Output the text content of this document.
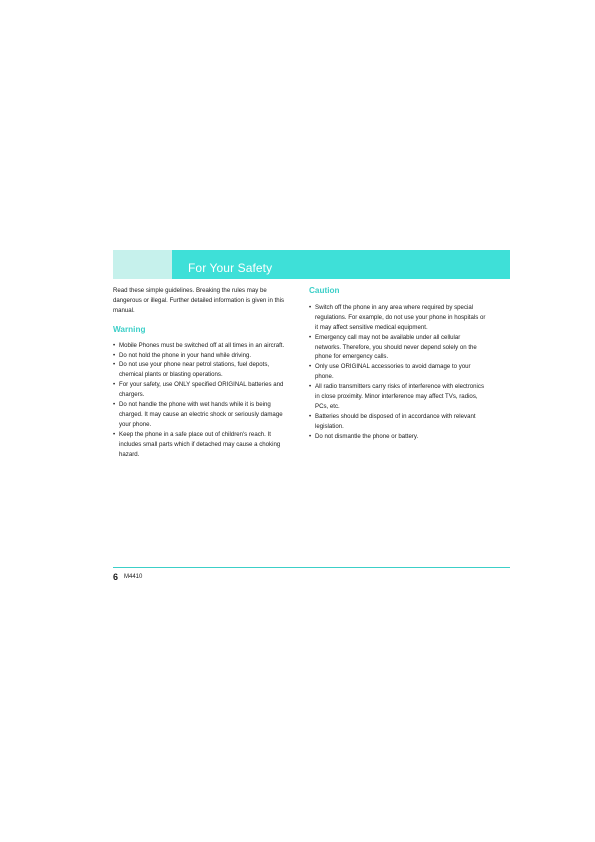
For Your Safety

Read these simple guidelines. Breaking the rules may be dangerous or illegal. Further detailed information is given in this manual.

Warning
• Mobile Phones must be switched off at all times in an aircraft.
• Do not hold the phone in your hand while driving.
• Do not use your phone near petrol stations, fuel depots, chemical plants or blasting operations.
• For your safety, use ONLY specified ORIGINAL batteries and chargers.
• Do not handle the phone with wet hands while it is being charged. It may cause an electric shock or seriously damage your phone.
• Keep the phone in a safe place out of children's reach. It includes small parts which if detached may cause a choking hazard.
Caution
• Switch off the phone in any area where required by special regulations. For example, do not use your phone in hospitals or it may affect sensitive medical equipment.
• Emergency call may not be available under all cellular networks. Therefore, you should never depend solely on the phone for emergency calls.
• Only use ORIGINAL accessories to avoid damage to your phone.
• All radio transmitters carry risks of interference with electronics in close proximity. Minor interference may affect TVs, radios, PCs, etc.
• Batteries should be disposed of in accordance with relevant legislation.
• Do not dismantle the phone or battery.
6 M4410
